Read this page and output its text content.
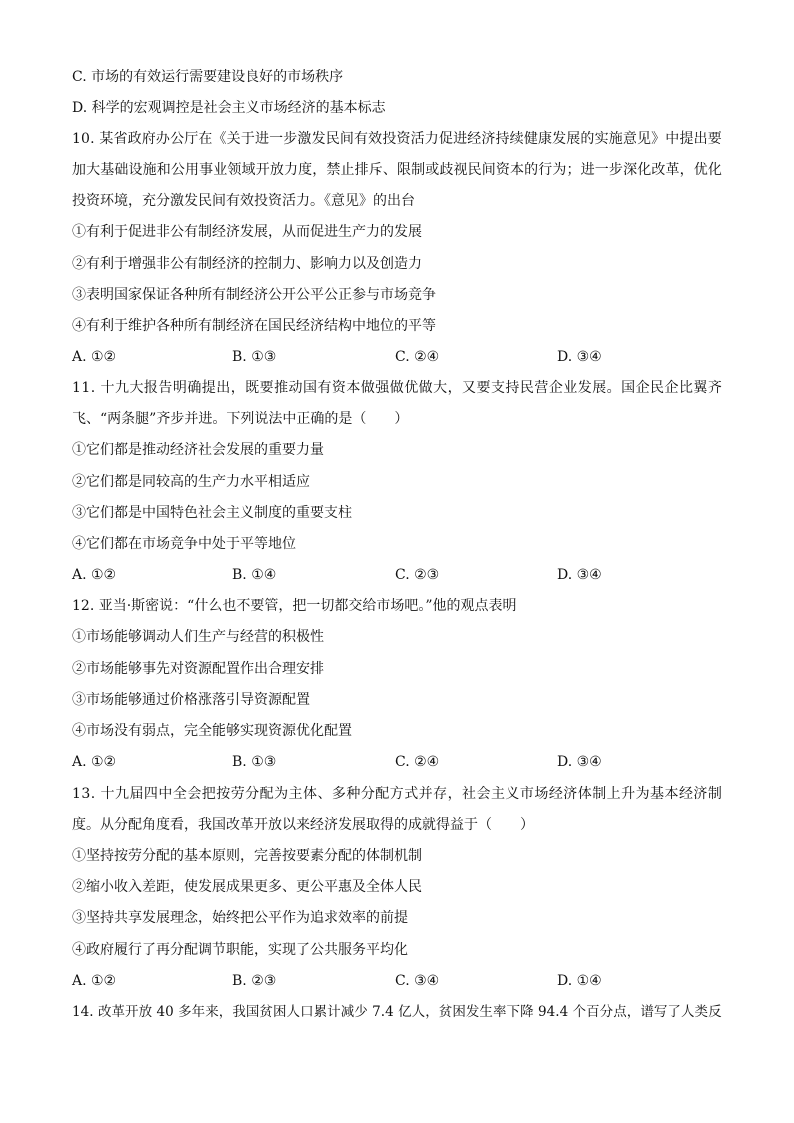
C. 市场的有效运行需要建设良好的市场秩序
D. 科学的宏观调控是社会主义市场经济的基本标志
10. 某省政府办公厅在《关于进一步激发民间有效投资活力促进经济持续健康发展的实施意见》中提出要
加大基础设施和公用事业领域开放力度，禁止排斥、限制或歧视民间资本的行为；进一步深化改革，优化
投资环境，充分激发民间有效投资活力。《意见》的出台
①有利于促进非公有制经济发展，从而促进生产力的发展
②有利于增强非公有制经济的控制力、影响力以及创造力
③表明国家保证各种所有制经济公开公平公正参与市场竞争
④有利于维护各种所有制经济在国民经济结构中地位的平等
A. ①②	B. ①③	C. ②④	D. ③④
11. 十九大报告明确提出，既要推动国有资本做强做优做大，又要支持民营企业发展。国企民企比翼齐
飞、“两条腿”齐步并进。下列说法中正确的是（　　）
①它们都是推动经济社会发展的重要力量
②它们都是同较高的生产力水平相适应
③它们都是中国特色社会主义制度的重要支柱
④它们都在市场竞争中处于平等地位
A. ①②	B. ①④	C. ②③	D. ③④
12. 亚当·斯密说：“什么也不要管，把一切都交给市场吧。”他的观点表明
①市场能够调动人们生产与经营的积极性
②市场能够事先对资源配置作出合理安排
③市场能够通过价格涨落引导资源配置
④市场没有弱点，完全能够实现资源优化配置
A. ①②	B. ①③	C. ②④	D. ③④
13. 十九届四中全会把按劳分配为主体、多种分配方式并存，社会主义市场经济体制上升为基本经济制
度。从分配角度看，我国改革开放以来经济发展取得的成就得益于（　　）
①坚持按劳分配的基本原则，完善按要素分配的体制机制
②缩小收入差距，使发展成果更多、更公平惠及全体人民
③坚持共享发展理念，始终把公平作为追求效率的前提
④政府履行了再分配调节职能，实现了公共服务平均化
A. ①②	B. ②③	C. ③④	D. ①④
14. 改革开放 40 多年来，我国贫困人口累计减少 7.4 亿人，贫困发生率下降 94.4 个百分点，谱写了人类反
